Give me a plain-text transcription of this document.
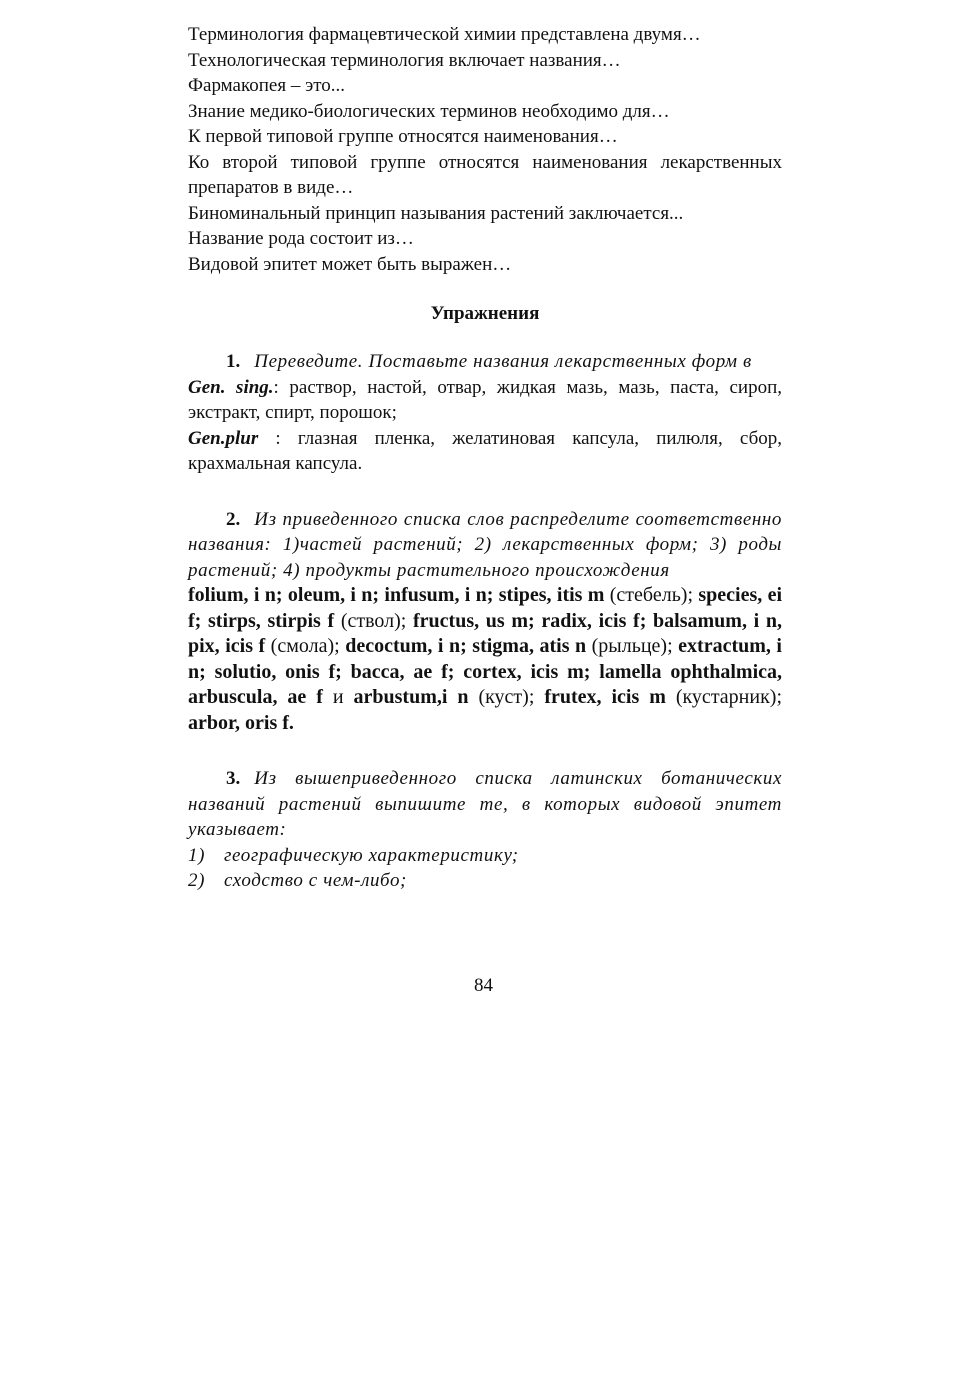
Терминология фармацевтической химии представлена двумя…
Технологическая терминология включает названия…
Фармакопея – это...
Знание медико-биологических терминов необходимо для…
К первой типовой группе относятся наименования…
Ко второй типовой группе относятся наименования лекарственных препаратов в виде…
Биноминальный принцип называния растений заключается...
Название рода состоит из…
Видовой эпитет может быть выражен…
Упражнения
1. Переведите. Поставьте названия лекарственных форм в
Gen. sing.: раствор, настой, отвар, жидкая мазь, мазь, паста, сироп, экстракт, спирт, порошок;
Gen.plur : глазная пленка, желатиновая капсула, пилюля, сбор, крахмальная капсула.
2. Из приведенного списка слов распределите соответственно названия: 1)частей растений; 2) лекарственных форм; 3) роды растений; 4) продукты растительного происхождения
folium, i n; oleum, i n; infusum, i n; stipes, itis m (стебель); species, ei f; stirps, stirpis f (ствол); fructus, us m; radix, icis f; balsamum, i n, pix, icis f (смола); decoctum, i n; stigma, atis n (рыльце); extractum, i n; solutio, onis f; bacca, ae f; cortex, icis m; lamella ophthalmica, arbuscula, ae f и arbustum,i n (куст); frutex, icis m (кустарник); arbor, oris f.
3. Из вышеприведенного списка латинских ботанических названий растений выпишите те, в которых видовой эпитет указывает:
1) географическую характеристику;
2) сходство с чем-либо;
84
